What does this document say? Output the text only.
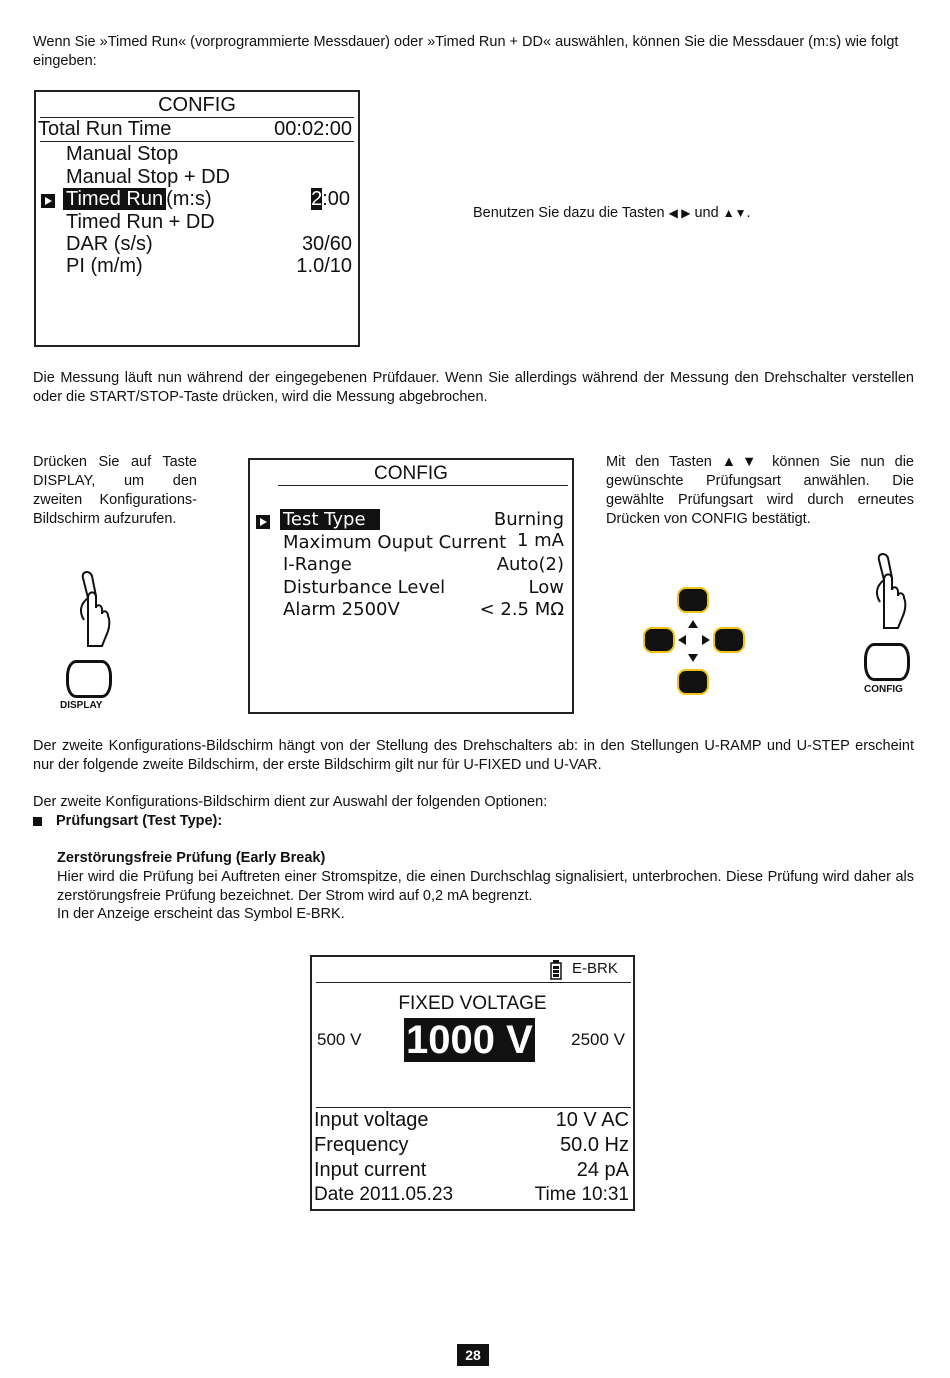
Wenn Sie »Timed Run« (vorprogrammierte Messdauer) oder »Timed Run + DD« auswählen, können Sie die Messdauer (m:s) wie folgt eingeben:

CONFIG
Total Run Time	00:02:00
Manual Stop
Manual Stop + DD
Timed Run (m:s)	2:00
Timed Run + DD
DAR (s/s)	30/60
PI (m/m)	1.0/10
Benutzen Sie dazu die Tasten ◀ ▶ und ▲▼.

Die Messung läuft nun während der eingegebenen Prüfdauer. Wenn Sie allerdings während der Messung den Drehschalter verstellen oder die START/STOP-Taste drücken, wird die Messung abgebrochen.

Drücken Sie auf Taste
DISPLAY, um den
zweiten Konfigurations-
Bildschirm aufzurufen.
DISPLAY
CONFIG
Test Type	Burning
Maximum Ouput Current 1 mA
I-Range	Auto(2)
Disturbance Level	Low
Alarm 2500V	< 2.5 MΩ
Mit den Tasten ▲▼ können Sie nun die
gewünschte Prüfungsart anwählen. Die
gewählte Prüfungsart wird durch erneutes
Drücken von CONFIG bestätigt.
CONFIG

Der zweite Konfigurations-Bildschirm hängt von der Stellung des Drehschalters ab: in den Stellungen U-RAMP und U-STEP erscheint nur der folgende zweite Bildschirm, der erste Bildschirm gilt nur für U-FIXED und U-VAR.

Der zweite Konfigurations-Bildschirm dient zur Auswahl der folgenden Optionen:

Prüfungsart (Test Type):
Zerstörungsfreie Prüfung (Early Break)

Hier wird die Prüfung bei Auftreten einer Stromspitze, die einen Durchschlag signalisiert, unterbrochen. Diese Prüfung wird daher als zerstörungsfreie Prüfung bezeichnet. Der Strom wird auf 0,2 mA begrenzt.

In der Anzeige erscheint das Symbol E-BRK.

E-BRK
FIXED VOLTAGE
500 V 1000 V 2500 V
Input voltage	10 V AC
Frequency	50.0 Hz
Input current	24 pA
Date 2011.05.23	Time 10:31
28
